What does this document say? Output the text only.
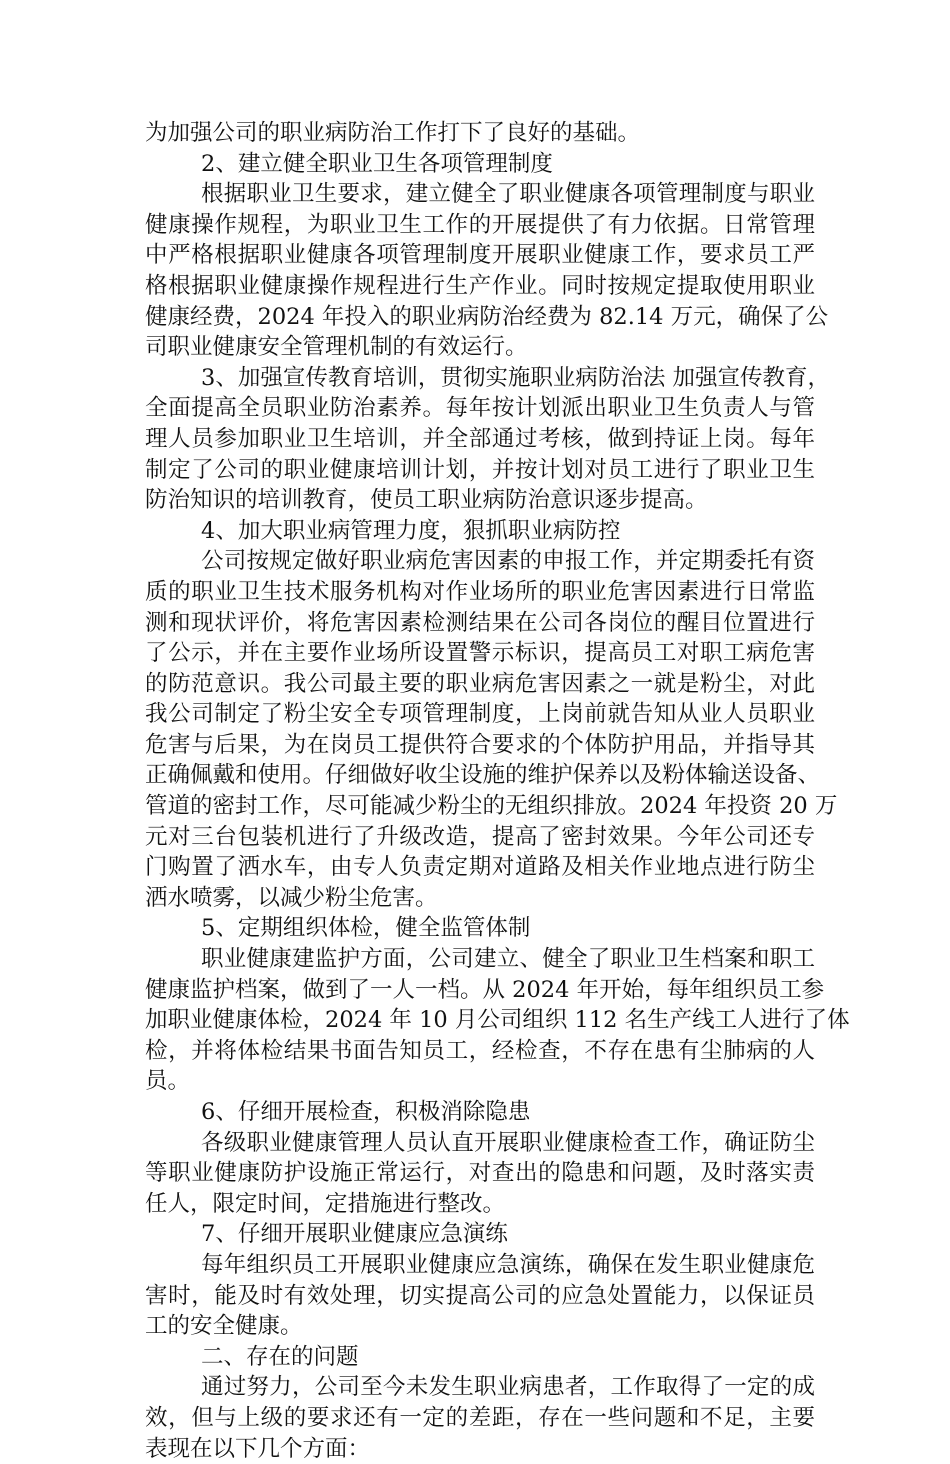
为加强公司的职业病防治工作打下了良好的基础。
2、建立健全职业卫生各项管理制度
根据职业卫生要求，建立健全了职业健康各项管理制度与职业
健康操作规程，为职业卫生工作的开展提供了有力依据。日常管理
中严格根据职业健康各项管理制度开展职业健康工作，要求员工严
格根据职业健康操作规程进行生产作业。同时按规定提取使用职业
健康经费，2024 年投入的职业病防治经费为 82.14 万元，确保了公
司职业健康安全管理机制的有效运行。
3、加强宣传教育培训，贯彻实施职业病防治法 加强宣传教育，
全面提高全员职业防治素养。每年按计划派出职业卫生负责人与管
理人员参加职业卫生培训，并全部通过考核，做到持证上岗。每年
制定了公司的职业健康培训计划，并按计划对员工进行了职业卫生
防治知识的培训教育，使员工职业病防治意识逐步提高。
4、加大职业病管理力度，狠抓职业病防控
公司按规定做好职业病危害因素的申报工作，并定期委托有资
质的职业卫生技术服务机构对作业场所的职业危害因素进行日常监
测和现状评价，将危害因素检测结果在公司各岗位的醒目位置进行
了公示，并在主要作业场所设置警示标识，提高员工对职工病危害
的防范意识。我公司最主要的职业病危害因素之一就是粉尘，对此
我公司制定了粉尘安全专项管理制度，上岗前就告知从业人员职业
危害与后果，为在岗员工提供符合要求的个体防护用品，并指导其
正确佩戴和使用。仔细做好收尘设施的维护保养以及粉体输送设备、
管道的密封工作，尽可能减少粉尘的无组织排放。2024 年投资 20 万
元对三台包装机进行了升级改造，提高了密封效果。今年公司还专
门购置了洒水车，由专人负责定期对道路及相关作业地点进行防尘
洒水喷雾，以减少粉尘危害。
5、定期组织体检，健全监管体制
职业健康建监护方面，公司建立、健全了职业卫生档案和职工
健康监护档案，做到了一人一档。从 2024 年开始，每年组织员工参
加职业健康体检，2024 年 10 月公司组织 112 名生产线工人进行了体
检，并将体检结果书面告知员工，经检查，不存在患有尘肺病的人
员。
6、仔细开展检查，积极消除隐患
各级职业健康管理人员认直开展职业健康检查工作，确证防尘
等职业健康防护设施正常运行，对查出的隐患和问题，及时落实责
任人，限定时间，定措施进行整改。
7、仔细开展职业健康应急演练
每年组织员工开展职业健康应急演练，确保在发生职业健康危
害时，能及时有效处理，切实提高公司的应急处置能力，以保证员
工的安全健康。
二、存在的问题
通过努力，公司至今未发生职业病患者，工作取得了一定的成
效，但与上级的要求还有一定的差距，存在一些问题和不足，主要
表现在以下几个方面：
